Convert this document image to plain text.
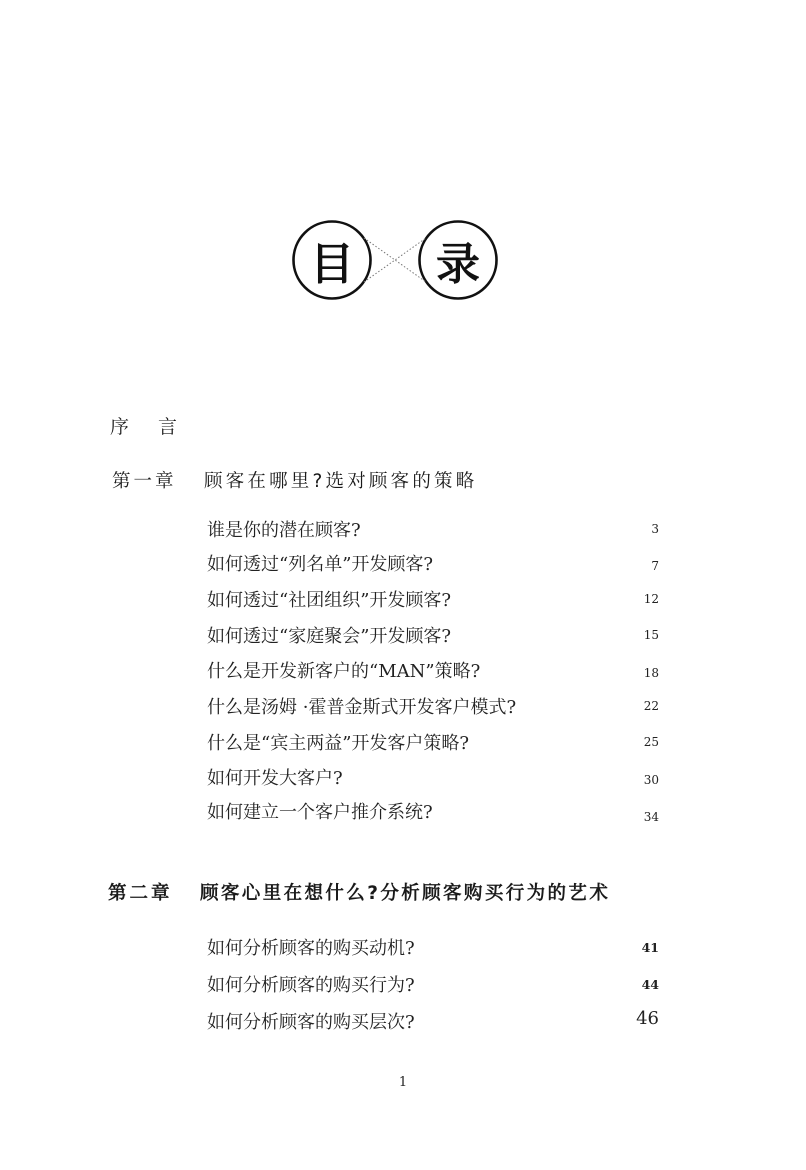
目	录
序言
第一章 顾客在哪里?选对顾客的策略
谁是你的潜在顾客?	3
如何透过“列名单”开发顾客?	7
如何透过“社团组织”开发顾客?	12
如何透过“家庭聚会”开发顾客?	15
什么是开发新客户的“MAN”策略?	18
什么是汤姆 ·霍普金斯式开发客户模式?	22
什么是“宾主两益”开发客户策略?	25
如何开发大客户?	30
如何建立一个客户推介系统?	34
第二章 顾客心里在想什么?分析顾客购买行为的艺术
如何分析顾客的购买动机?	41
如何分析顾客的购买行为?	44
如何分析顾客的购买层次?	46
1
